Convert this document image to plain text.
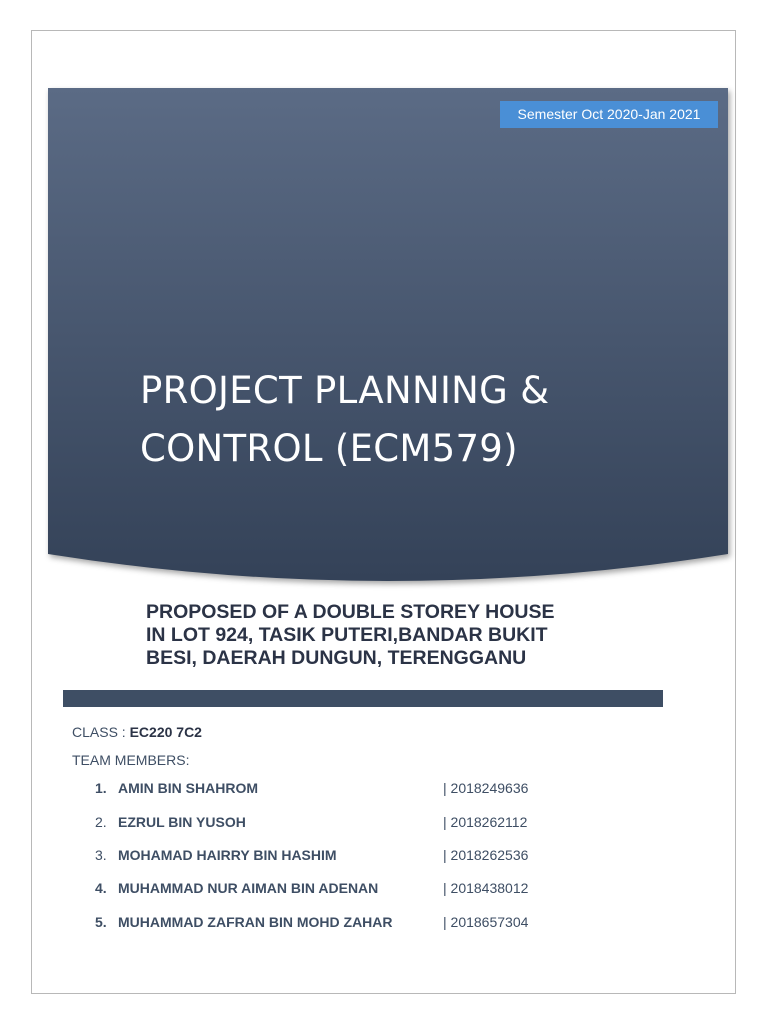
Semester Oct 2020-Jan 2021
PROJECT PLANNING &
CONTROL (ECM579)
PROPOSED OF A DOUBLE STOREY HOUSE
IN LOT 924, TASIK PUTERI,BANDAR BUKIT
BESI, DAERAH DUNGUN, TERENGGANU
CLASS : EC220 7C2
TEAM MEMBERS:
1. AMIN BIN SHAHROM	| 2018249636
2. EZRUL BIN YUSOH	| 2018262112
3. MOHAMAD HAIRRY BIN HASHIM	| 2018262536
4. MUHAMMAD NUR AIMAN BIN ADENAN	| 2018438012
5. MUHAMMAD ZAFRAN BIN MOHD ZAHAR	| 2018657304
